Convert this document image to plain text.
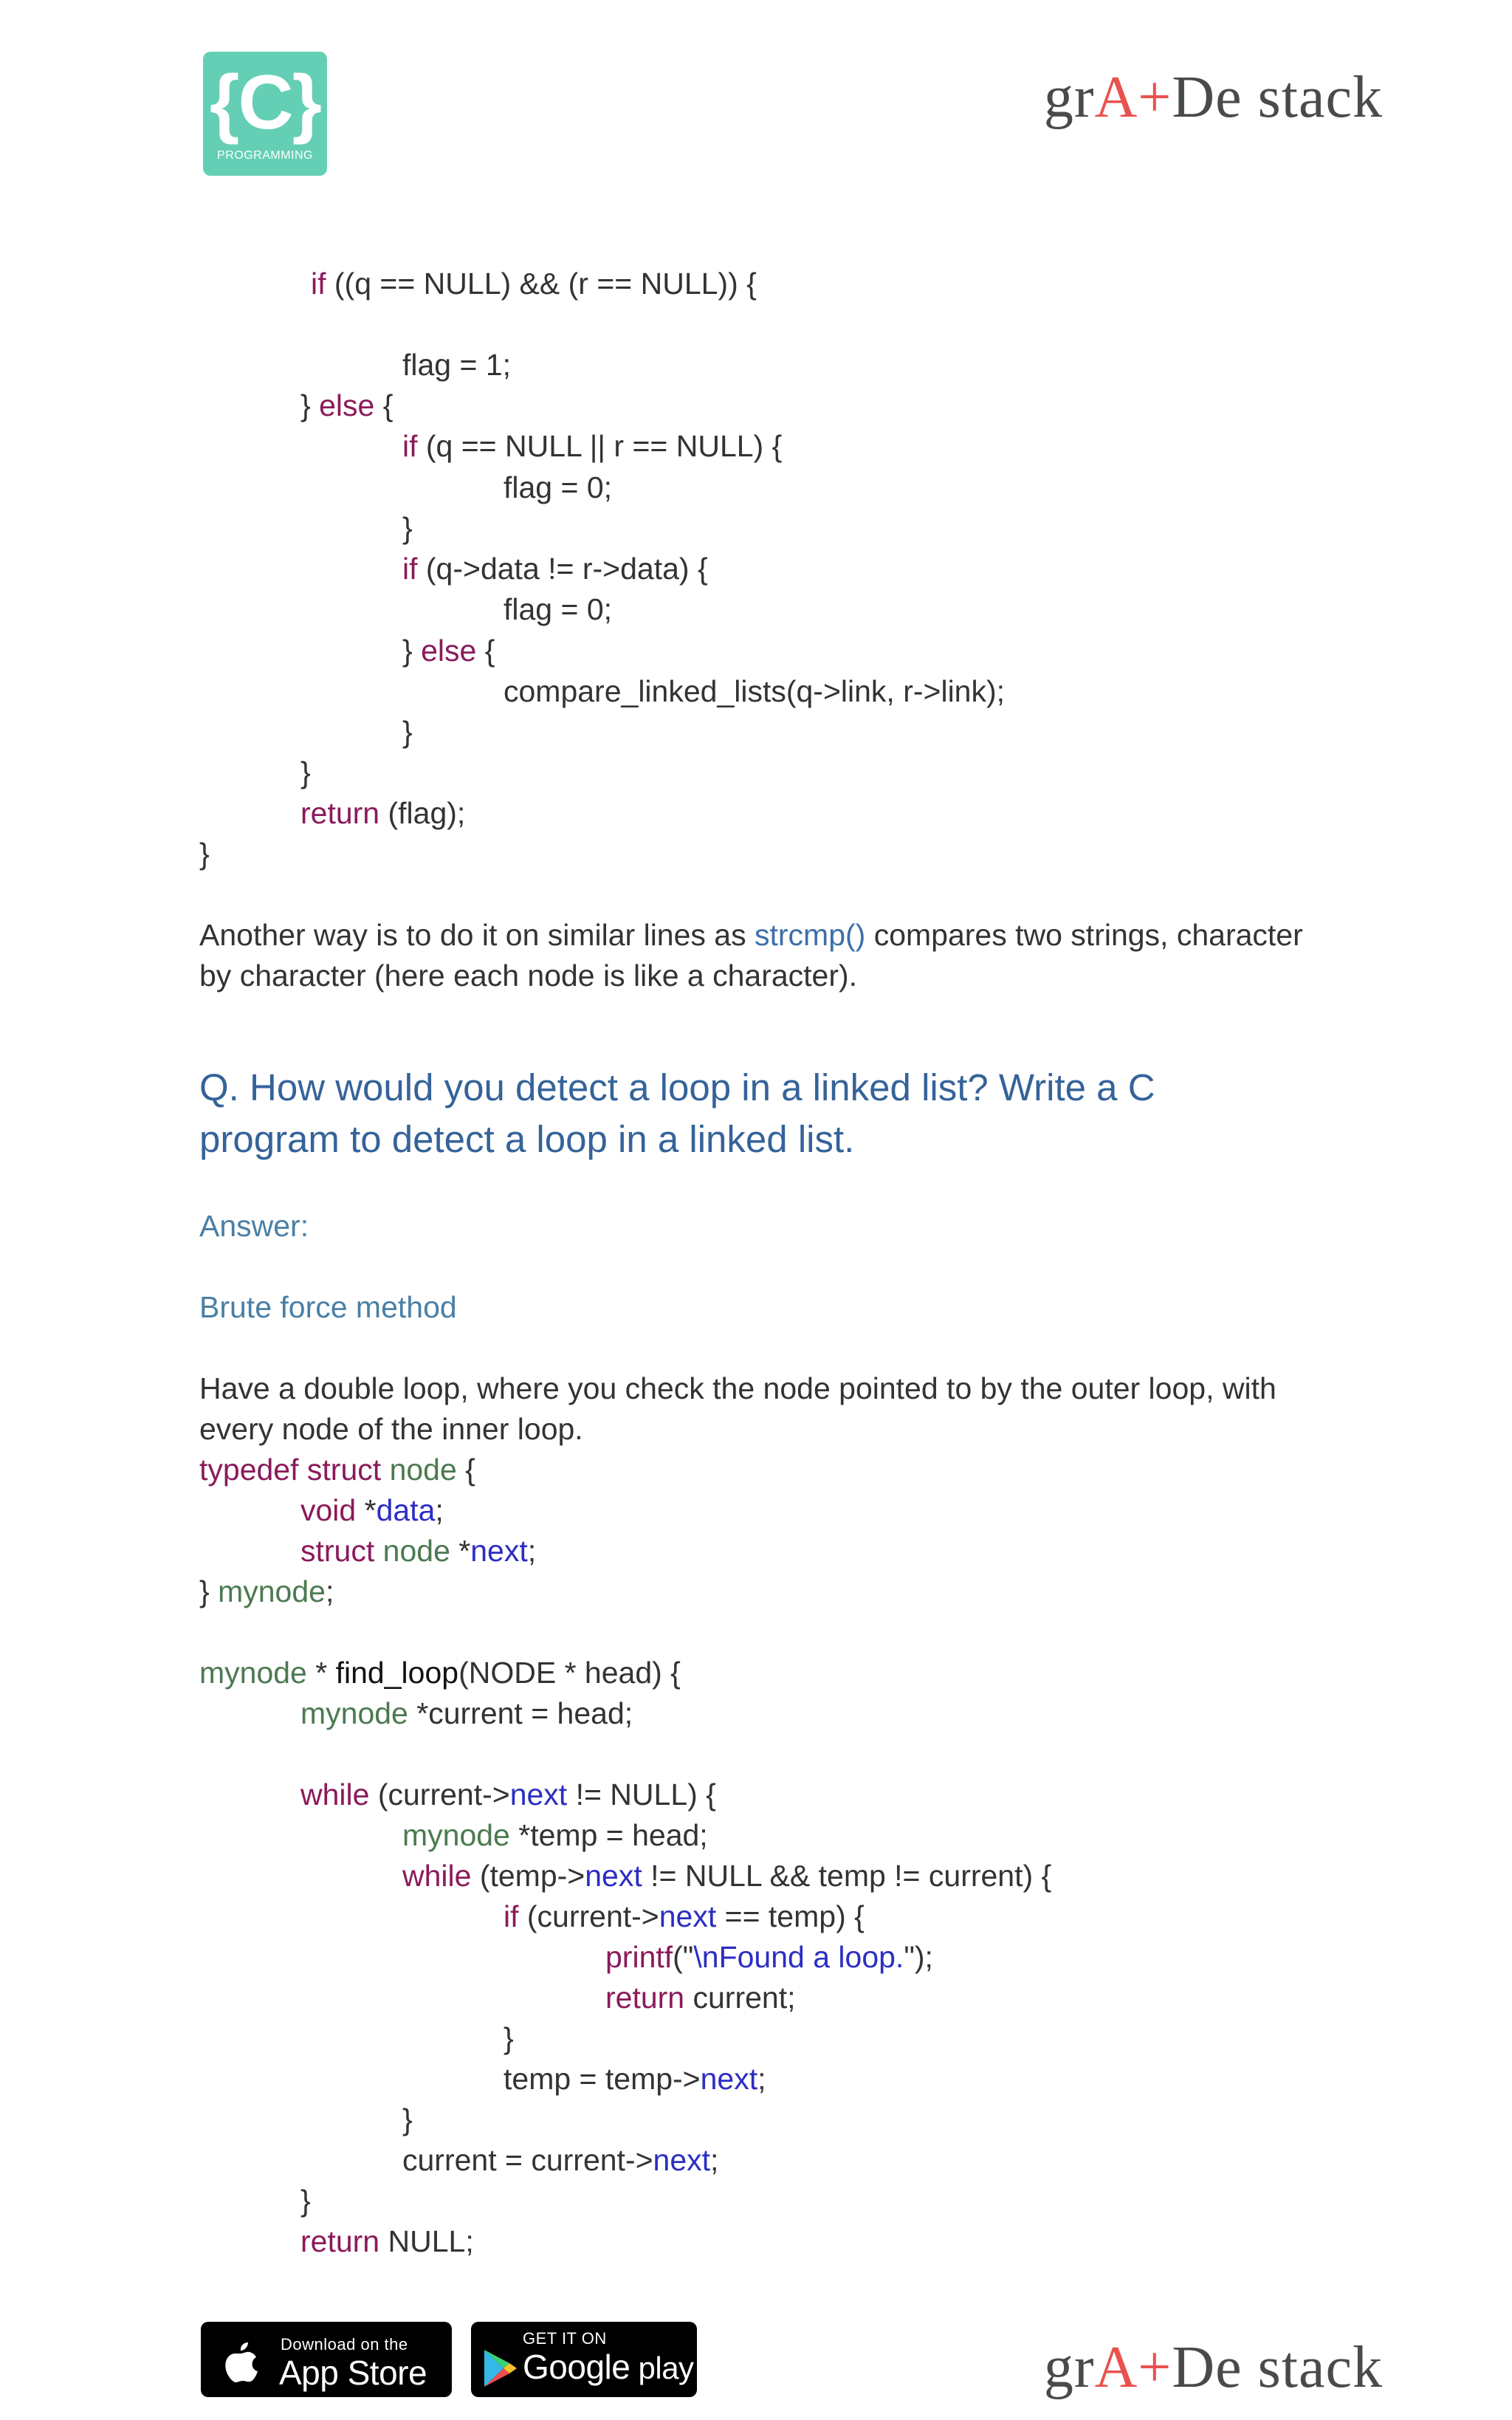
{C}
PROGRAMMING
grA+De stack
if ((q == NULL) && (r == NULL)) {
flag = 1;
} else {
if (q == NULL || r == NULL) {
flag = 0;
}
if (q->data != r->data) {
flag = 0;
} else {
compare_linked_lists(q->link, r->link);
}
}
return (flag);
}
Another way is to do it on similar lines as strcmp() compares two strings, character
by character (here each node is like a character).
Q. How would you detect a loop in a linked list? Write a C
program to detect a loop in a linked list.
Answer:
Brute force method
Have a double loop, where you check the node pointed to by the outer loop, with
every node of the inner loop.
typedef struct node {
void *data;
struct node *next;
} mynode;
mynode * find_loop(NODE * head) {
mynode *current = head;
while (current->next != NULL) {
mynode *temp = head;
while (temp->next != NULL && temp != current) {
if (current->next == temp) {
printf("\nFound a loop.");
return current;
}
temp = temp->next;
}
current = current->next;
}
return NULL;
Download on the
App Store
GET IT ON
Google play	grA+De stack
